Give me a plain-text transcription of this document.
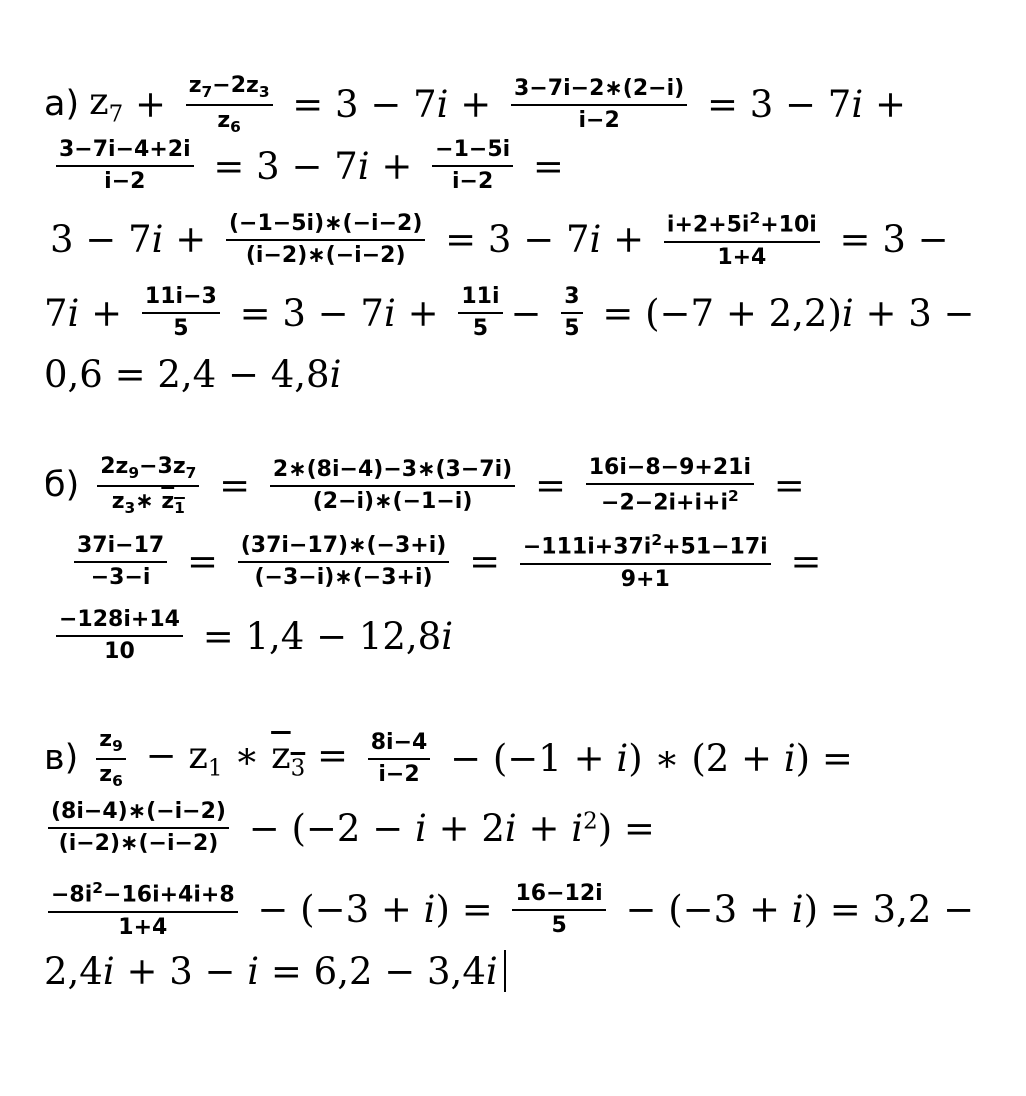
а) $z_7 + \frac{z_7-2z_3}{z_6} = 3 - 7i + \frac{3-7i-2∗(2-i)}{i-2} = 3 - 7i$ +
$\frac{3-7i-4+2i}{i-2} = 3 - 7i + \frac{-1-5i}{i-2}$ =
$3 - 7i + \frac{(-1-5i)∗(-i-2)}{(i-2)∗(-i-2)} = 3 - 7i + \frac{i+2+5i^2+10i}{1+4} = 3$ −
$7i + \frac{11i-3}{5} = 3 - 7i + \frac{11i}{5} - \frac{3}{5} = (-7 + 2,2)i + 3$ −
0,6 = 2,4 − 4,8i
$б) \frac{2z_9-3z_7}{z_3∗ z_1} = \frac{2∗(8i-4)-3∗(3-7i)}{(2-i)∗(-1-i)} = \frac{16i-8-9+21i}{-2-2i+i+i^2}$ =
$\frac{37i-17}{-3-i} = \frac{(37i-17)∗(-3+i)}{(-3-i)∗(-3+i)} = \frac{-111i+37i^2+51-17i}{9+1}$ =
$\frac{-128i+14}{10} = 1,4 - 12,8i$
$в) \frac{z_9}{z_6} - z_1$ ∗ $z_3 = \frac{8i-4}{i-2} - (-1 + i)$ ∗ (2 + i) =
$\frac{(8i-4)∗(-i-2)}{(i-2)∗(-i-2)} - (-2 - i + 2i + i^2)$ =
$\frac{-8i^2-16i+4i+8}{1+4} - (-3 + i) = \frac{16-12i}{5} - (-3 + i) = 3,2$ −
2,4i + 3 − i = 6,2 − 3,4i
